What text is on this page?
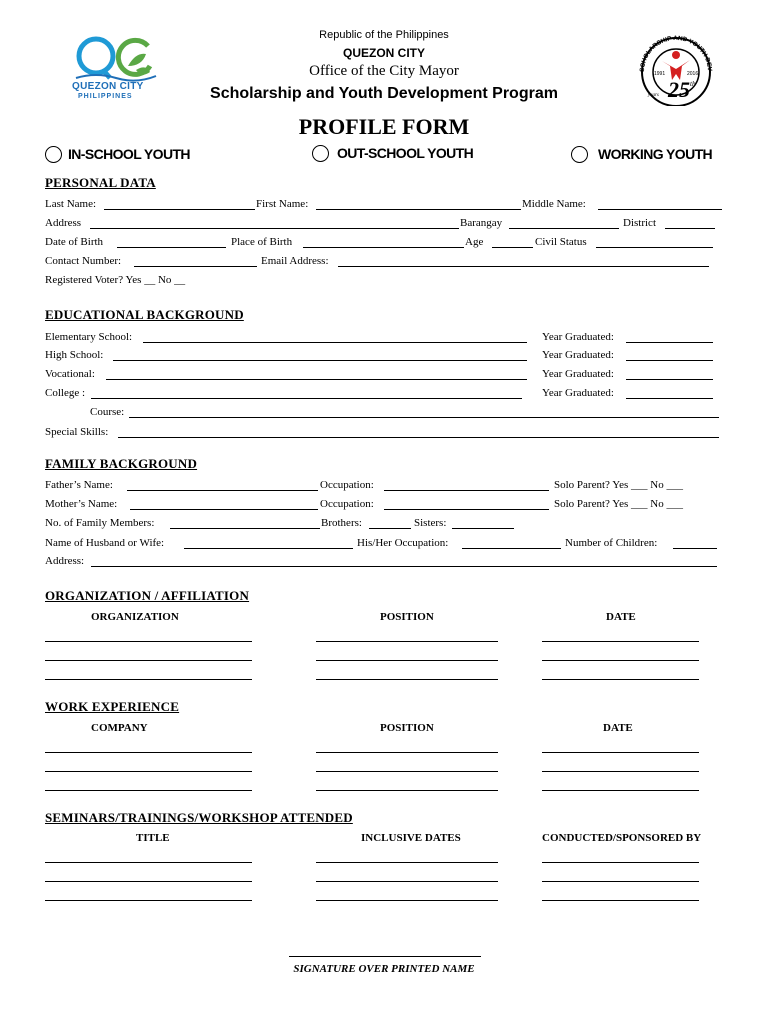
QUEZON CITY
PHILIPPINES
SCHOLARSHIP AND YOUTH DEV
1991	2016
25 th
years
Republic of the Philippines
QUEZON CITY
Office of the City Mayor
Scholarship and Youth Development Program
PROFILE FORM
IN-SCHOOL YOUTH	OUT-SCHOOL YOUTH	WORKING YOUTH
PERSONAL DATA
Last Name:	First Name:	Middle Name:
Address	Barangay	District
Date of Birth	Place of Birth	Age	Civil Status
Contact Number:	Email Address:
Registered Voter? Yes __ No __
EDUCATIONAL BACKGROUND
Elementary School:	Year Graduated:
High School:	Year Graduated:
Vocational:	Year Graduated:
College :	Year Graduated:
Course:
Special Skills:
FAMILY BACKGROUND
Father’s Name:	Occupation:	Solo Parent? Yes ___ No ___
Mother’s Name:	Occupation:	Solo Parent? Yes ___ No ___
No. of Family Members:	Brothers:	Sisters:
Name of Husband or Wife:	His/Her Occupation:	Number of Children:
Address:
ORGANIZATION / AFFILIATION
ORGANIZATION	POSITION	DATE
WORK EXPERIENCE
COMPANY	POSITION	DATE
SEMINARS/TRAININGS/WORKSHOP ATTENDED
TITLE	INCLUSIVE DATES	CONDUCTED/SPONSORED BY
SIGNATURE OVER PRINTED NAME
